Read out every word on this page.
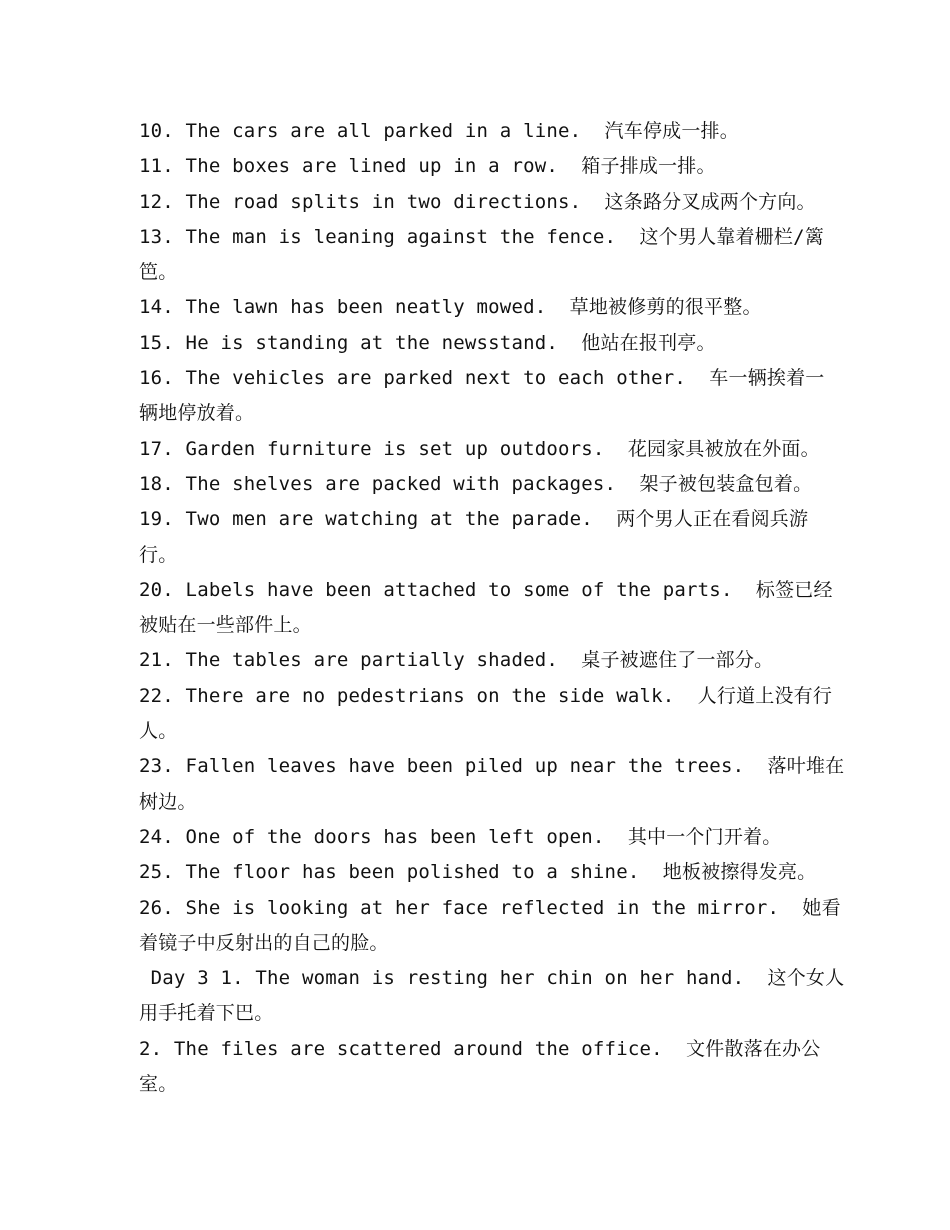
10. The cars are all parked in a line.  汽车停成一排。
11. The boxes are lined up in a row.  箱子排成一排。
12. The road splits in two directions.  这条路分叉成两个方向。
13. The man is leaning against the fence.  这个男人靠着栅栏/篱
笆。
14. The lawn has been neatly mowed.  草地被修剪的很平整。
15. He is standing at the newsstand.  他站在报刊亭。
16. The vehicles are parked next to each other.  车一辆挨着一
辆地停放着。
17. Garden furniture is set up outdoors.  花园家具被放在外面。
18. The shelves are packed with packages.  架子被包装盒包着。
19. Two men are watching at the parade.  两个男人正在看阅兵游
行。
20. Labels have been attached to some of the parts.  标签已经
被贴在一些部件上。
21. The tables are partially shaded.  桌子被遮住了一部分。
22. There are no pedestrians on the side walk.  人行道上没有行
人。
23. Fallen leaves have been piled up near the trees.  落叶堆在
树边。
24. One of the doors has been left open.  其中一个门开着。
25. The floor has been polished to a shine.  地板被擦得发亮。
26. She is looking at her face reflected in the mirror.  她看
着镜子中反射出的自己的脸。
Day 3 1. The woman is resting her chin on her hand.  这个女人
用手托着下巴。
2. The files are scattered around the office.  文件散落在办公
室。
